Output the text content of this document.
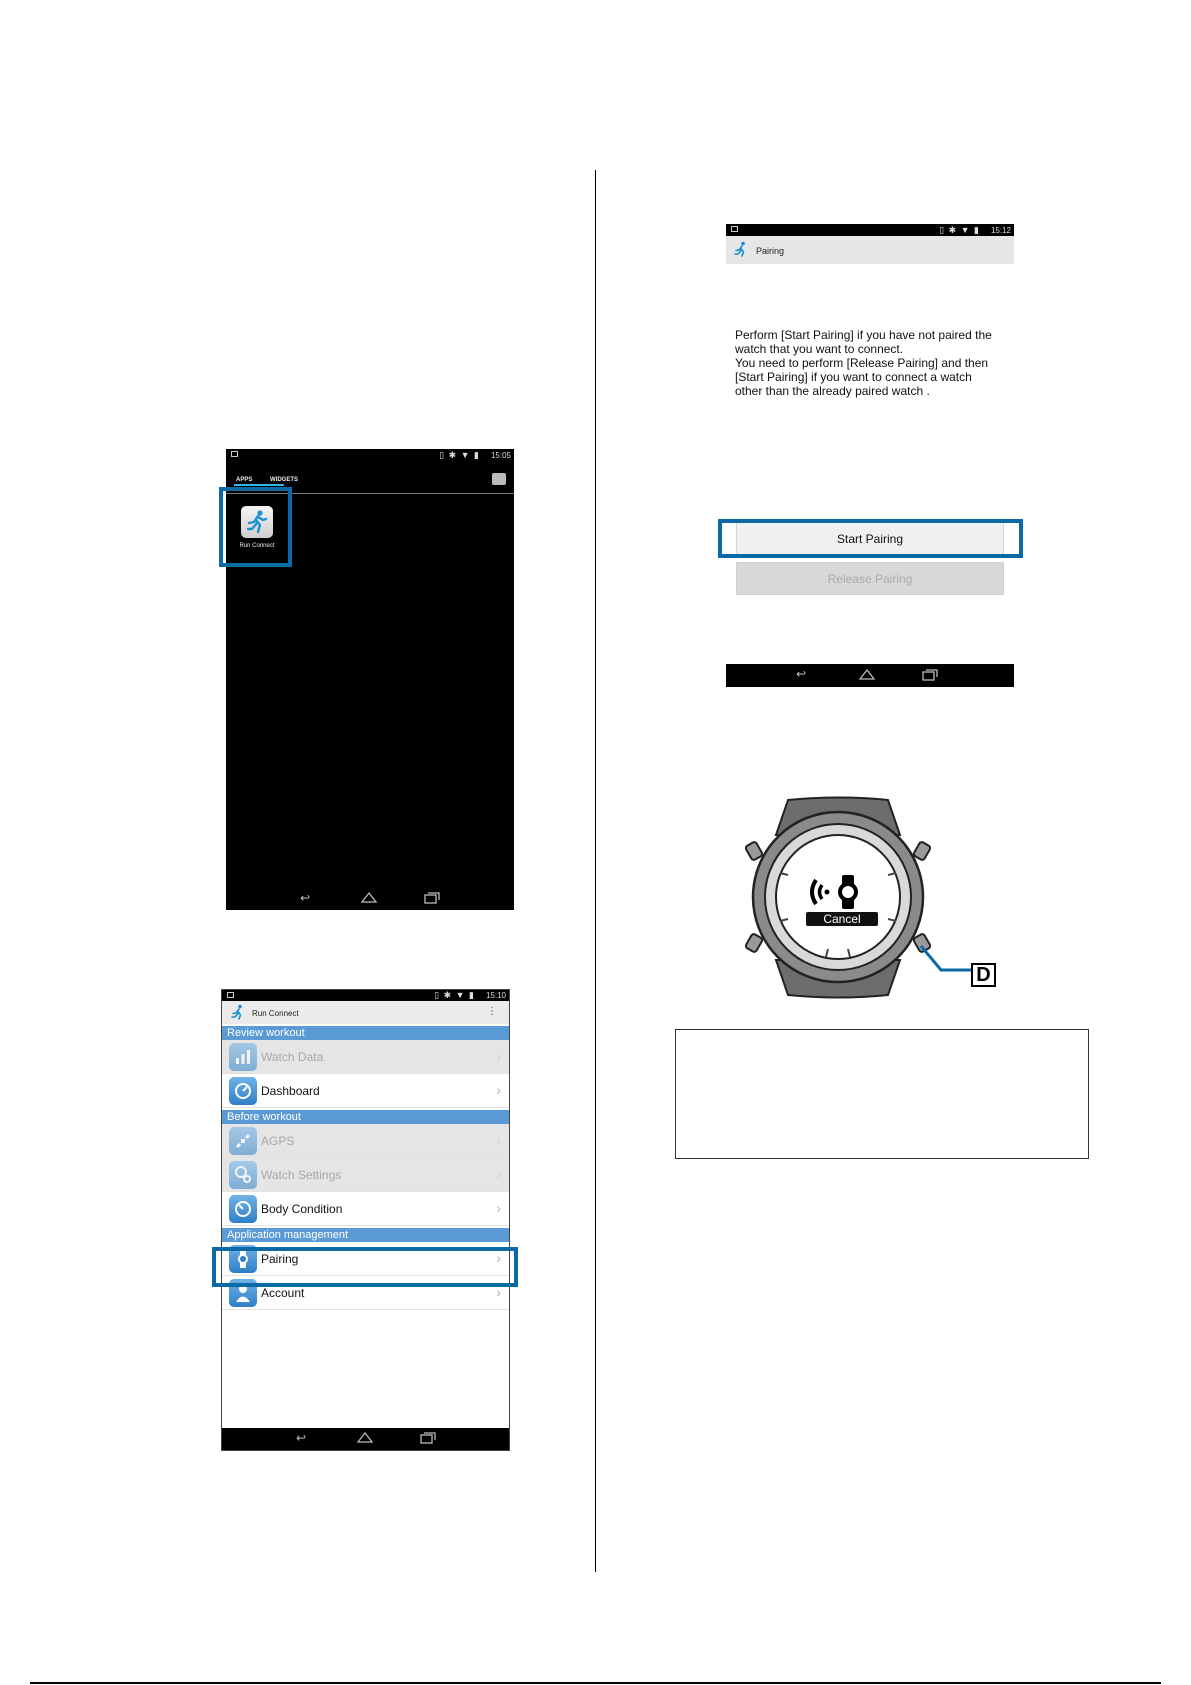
▯ ✱ ▼ ▮ 15:05
APPS	WIDGETS
Run Connect
↩
▯ ✱ ▼ ▮ 15:10
Run Connect	⋮
Review workout
Watch Data	›
Dashboard	›
Before workout
AGPS	›
Watch Settings	›
Body Condition	›
Application management
Pairing	›
Account	›
↩
▯ ✱ ▼ ▮ 15:12
Pairing
Perform [Start Pairing] if you have not paired the
watch that you want to connect.
You need to perform [Release Pairing] and then
[Start Pairing] if you want to connect a watch
other than the already paired watch .
Start Pairing
Release Pairing
↩
Cancel
D
